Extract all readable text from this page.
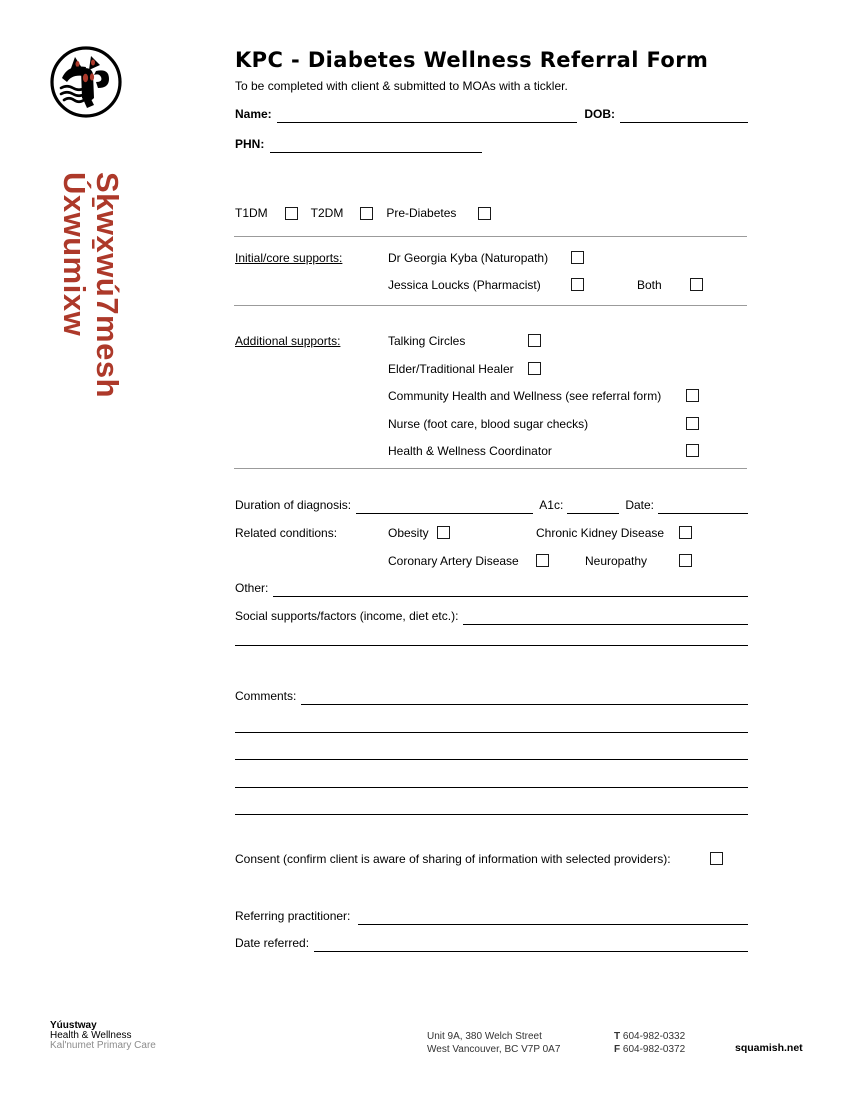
Sḵwx̱wú7mesh
Úxwumixw
KPC - Diabetes Wellness Referral Form
To be completed with client & submitted to MOAs with a tickler.
Name:	DOB:
PHN:
T1DM	T2DM	Pre-Diabetes
Initial/core supports:	Dr Georgia Kyba (Naturopath)
Jessica Loucks (Pharmacist)	Both
Additional supports:	Talking Circles
Elder/Traditional Healer
Community Health and Wellness (see referral form)
Nurse (foot care, blood sugar checks)
Health & Wellness Coordinator
Duration of diagnosis:	A1c:	Date:
Related conditions:	Obesity	Chronic Kidney Disease
Coronary Artery Disease	Neuropathy
Other:
Social supports/factors (income, diet etc.):
Comments:
Consent (confirm client is aware of sharing of information with selected providers):
Referring practitioner:
Date referred:
Yúustway
Health & Wellness
Kal'numet Primary Care
Unit 9A, 380 Welch Street
West Vancouver, BC V7P 0A7
T 604-982-0332
F 604-982-0372	squamish.net
